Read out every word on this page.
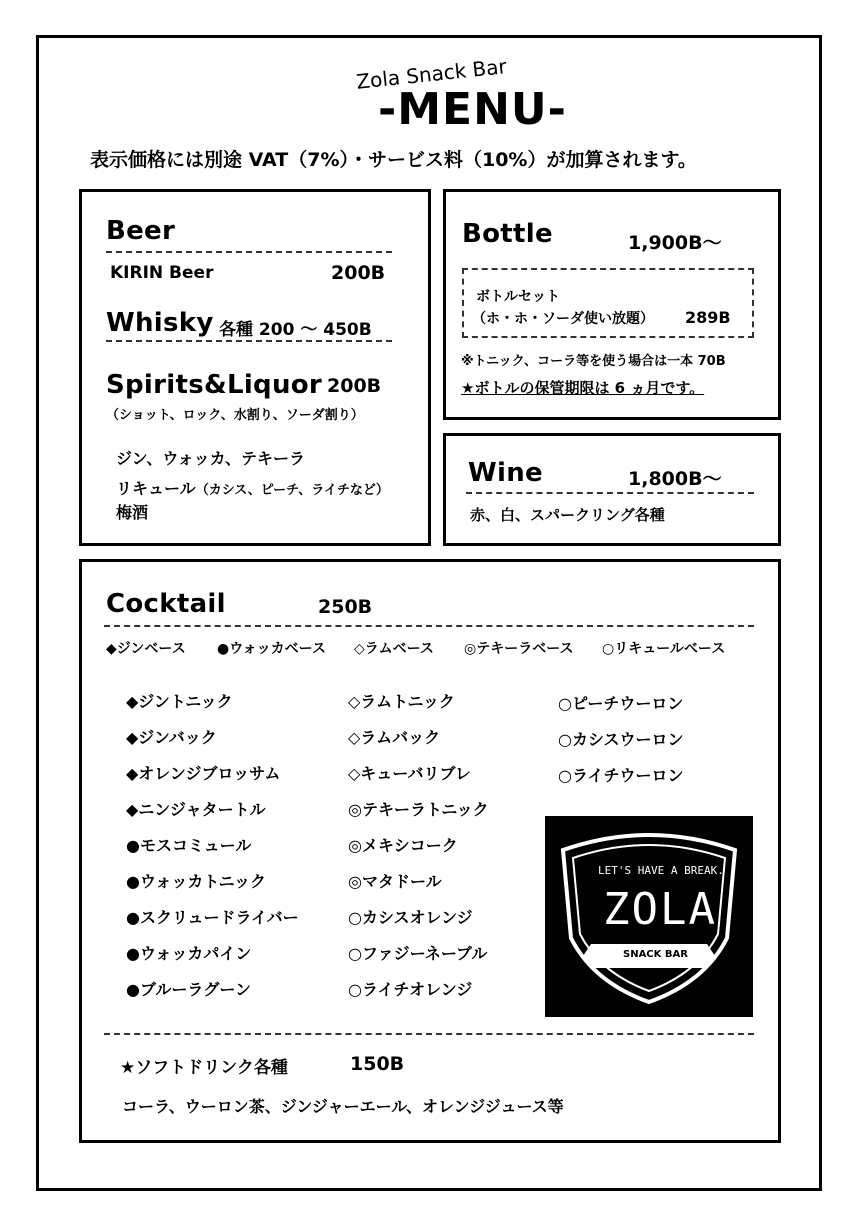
Zola Snack Bar
-MENU-
表示価格には別途 VAT（7%）・サービス料（10%）が加算されます。
Beer
KIRIN Beer	200B
Whisky 各種 200 ～ 450B
Spirits&Liquor 200B
（ショット、ロック、水割り、ソーダ割り）
ジン、ウォッカ、テキーラ
リキュール（カシス、ピーチ、ライチなど）
梅酒
Bottle	1,900B～
ボトルセット
（ホ・ホ・ソーダ使い放題） 289B
※トニック、コーラ等を使う場合は一本 70B
★ボトルの保管期限は 6 ヵ月です。
Wine	1,800B～
赤、白、スパークリング各種
Cocktail	250B
◆ジンベース ●ウォッカベース ◇ラムベース ◎テキーラベース ○リキュールベース
◆ジントニック
◆ジンバック
◆オレンジブロッサム
◆ニンジャタートル
●モスコミュール
●ウォッカトニック
●スクリュードライバー
●ウォッカパイン
●ブルーラグーン
◇ラムトニック
◇ラムバック
◇キューバリブレ
◎テキーラトニック
◎メキシコーク
◎マタドール
○カシスオレンジ
○ファジーネーブル
○ライチオレンジ
○ピーチウーロン
○カシスウーロン
○ライチウーロン
LET'S HAVE A BREAK.
ZOLA
SNACK BAR
★ソフトドリンク各種	150B
コーラ、ウーロン茶、ジンジャーエール、オレンジジュース等
